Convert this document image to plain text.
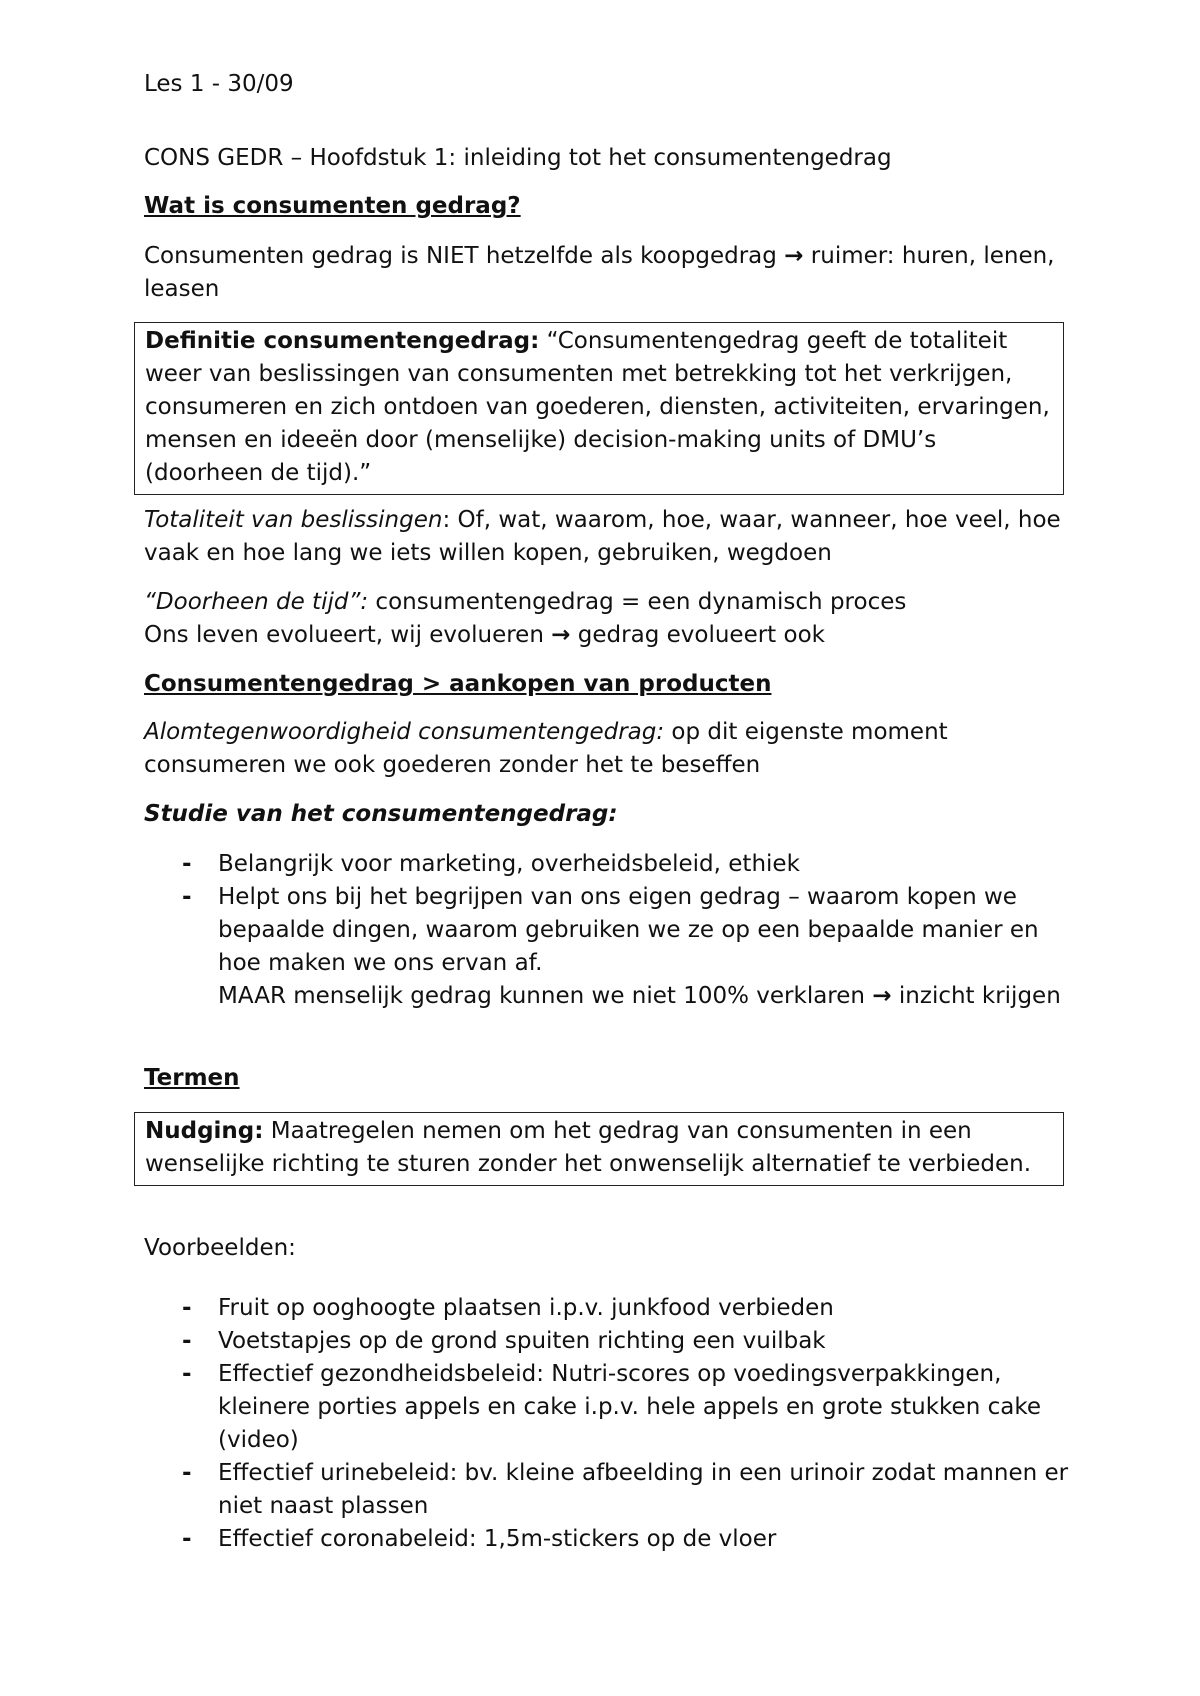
Les 1 - 30/09

CONS GEDR – Hoofdstuk 1: inleiding tot het consumentengedrag

Wat is consumenten gedrag?

Consumenten gedrag is NIET hetzelfde als koopgedrag → ruimer: huren, lenen, leasen

Definitie consumentengedrag: “Consumentengedrag geeft de totaliteit weer van beslissingen van consumenten met betrekking tot het verkrijgen, consumeren en zich ontdoen van goederen, diensten, activiteiten, ervaringen, mensen en ideeën door (menselijke) decision-making units of DMU’s (doorheen de tijd).”

Totaliteit van beslissingen: Of, wat, waarom, hoe, waar, wanneer, hoe veel, hoe vaak en hoe lang we iets willen kopen, gebruiken, wegdoen

“Doorheen de tijd”: consumentengedrag = een dynamisch proces
Ons leven evolueert, wij evolueren → gedrag evolueert ook

Consumentengedrag > aankopen van producten

Alomtegenwoordigheid consumentengedrag: op dit eigenste moment consumeren we ook goederen zonder het te beseffen

Studie van het consumentengedrag:

- Belangrijk voor marketing, overheidsbeleid, ethiek
- Helpt ons bij het begrijpen van ons eigen gedrag – waarom kopen we bepaalde dingen, waarom gebruiken we ze op een bepaalde manier en hoe maken we ons ervan af.
MAAR menselijk gedrag kunnen we niet 100% verklaren → inzicht krijgen

Termen

Nudging: Maatregelen nemen om het gedrag van consumenten in een wenselijke richting te sturen zonder het onwenselijk alternatief te verbieden.

Voorbeelden:

- Fruit op ooghoogte plaatsen i.p.v. junkfood verbieden
- Voetstapjes op de grond spuiten richting een vuilbak
- Effectief gezondheidsbeleid: Nutri-scores op voedingsverpakkingen, kleinere porties appels en cake i.p.v. hele appels en grote stukken cake (video)
- Effectief urinebeleid: bv. kleine afbeelding in een urinoir zodat mannen er niet naast plassen
- Effectief coronabeleid: 1,5m-stickers op de vloer
